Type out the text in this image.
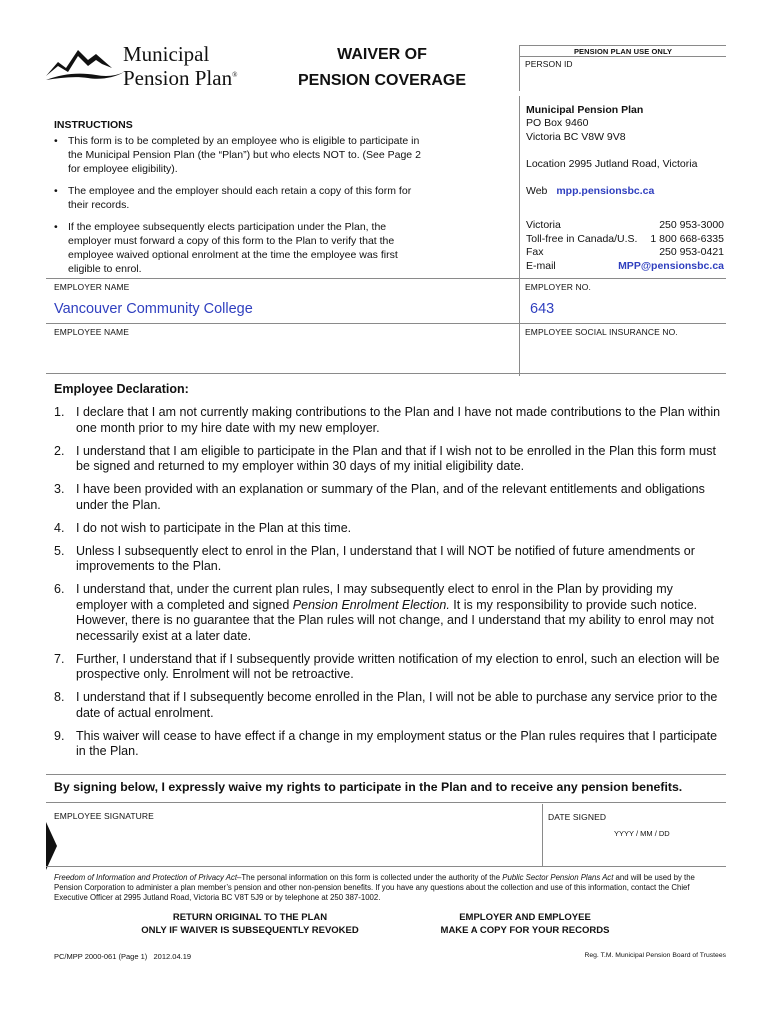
Municipal
Pension Plan®
WAIVER OF
PENSION COVERAGE
PENSION PLAN USE ONLY
PERSON ID
INSTRUCTIONS
• This form is to be completed by an employee who is eligible to participate in the Municipal Pension Plan (the “Plan”) but who elects NOT to. (See Page 2 for employee eligibility).
• The employee and the employer should each retain a copy of this form for their records.
• If the employee subsequently elects participation under the Plan, the employer must forward a copy of this form to the Plan to verify that the employee waived optional enrolment at the time the employee was first eligible to enrol.
Municipal Pension Plan
PO Box 9460
Victoria BC V8W 9V8
Location 2995 Jutland Road, Victoria
Web mpp.pensionsbc.ca
Victoria	250 953-3000
Toll-free in Canada/U.S. 1 800 668-6335
Fax	250 953-0421
E-mail	MPP@pensionsbc.ca
EMPLOYER NAME
Vancouver Community College
EMPLOYER NO.
643
EMPLOYEE NAME	EMPLOYEE SOCIAL INSURANCE NO.
Employee Declaration:
1. I declare that I am not currently making contributions to the Plan and I have not made contributions to the Plan within one month prior to my hire date with my new employer.
2. I understand that I am eligible to participate in the Plan and that if I wish not to be enrolled in the Plan this form must be signed and returned to my employer within 30 days of my initial eligibility date.
3. I have been provided with an explanation or summary of the Plan, and of the relevant entitlements and obligations under the Plan.
4. I do not wish to participate in the Plan at this time.
5. Unless I subsequently elect to enrol in the Plan, I understand that I will NOT be notified of future amendments or improvements to the Plan.
6. I understand that, under the current plan rules, I may subsequently elect to enrol in the Plan by providing my employer with a completed and signed Pension Enrolment Election. It is my responsibility to provide such notice. However, there is no guarantee that the Plan rules will not change, and I understand that my ability to enrol may not necessarily exist at a later date.
7. Further, I understand that if I subsequently provide written notification of my election to enrol, such an election will be prospective only. Enrolment will not be retroactive.
8. I understand that if I subsequently become enrolled in the Plan, I will not be able to purchase any service prior to the date of actual enrolment.
9. This waiver will cease to have effect if a change in my employment status or the Plan rules requires that I participate in the Plan.
By signing below, I expressly waive my rights to participate in the Plan and to receive any pension benefits.
EMPLOYEE SIGNATURE	DATE SIGNED
YYYY / MM / DD
Freedom of Information and Protection of Privacy Act–The personal information on this form is collected under the authority of the Public Sector Pension Plans Act and will be used by the Pension Corporation to administer a plan member’s pension and other non-pension benefits. If you have any questions about the collection and use of this information, contact the Chief Executive Officer at 2995 Jutland Road, Victoria BC V8T 5J9 or by telephone at 250 387-1002.
RETURN ORIGINAL TO THE PLAN
ONLY IF WAIVER IS SUBSEQUENTLY REVOKED
EMPLOYER AND EMPLOYEE
MAKE A COPY FOR YOUR RECORDS
PC/MPP 2000-061 (Page 1)   2012.04.19	Reg. T.M. Municipal Pension Board of Trustees
